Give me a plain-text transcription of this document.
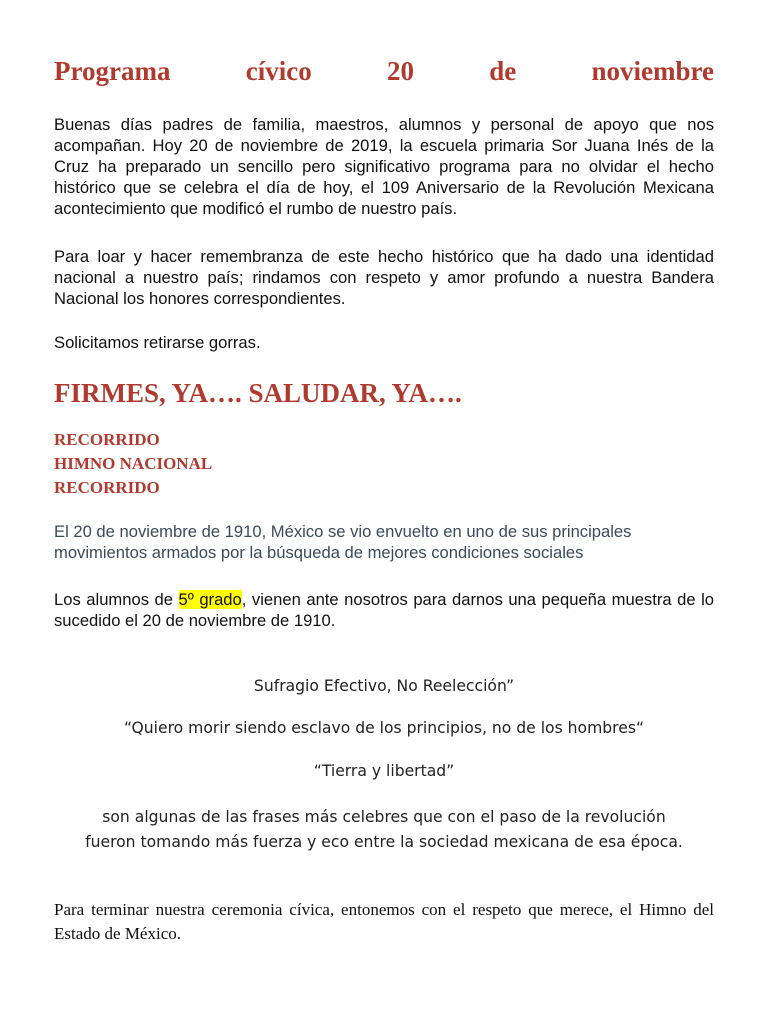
Programa	cívico	20	de	noviembre

Buenas días padres de familia, maestros, alumnos y personal de apoyo que nos acompañan. Hoy 20 de noviembre de 2019, la escuela primaria Sor Juana Inés de la Cruz ha preparado un sencillo pero significativo programa para no olvidar el hecho histórico que se celebra el día de hoy, el 109 Aniversario de la Revolución Mexicana acontecimiento que modificó el rumbo de nuestro país.

Para loar y hacer remembranza de este hecho histórico que ha dado una identidad nacional a nuestro país; rindamos con respeto y amor profundo a nuestra Bandera Nacional los honores correspondientes.

Solicitamos retirarse gorras.

FIRMES, YA…. SALUDAR, YA….

RECORRIDO
HIMNO NACIONAL
RECORRIDO

El 20 de noviembre de 1910, México se vio envuelto en uno de sus principales movimientos armados por la búsqueda de mejores condiciones sociales

Los alumnos de 5º grado, vienen ante nosotros para darnos una pequeña muestra de lo sucedido el 20 de noviembre de 1910.

Sufragio Efectivo, No Reelección”

“Quiero morir siendo esclavo de los principios, no de los hombres“

“Tierra y libertad”

son algunas de las frases más celebres que con el paso de la revolución
fueron tomando más fuerza y eco entre la sociedad mexicana de esa época.

Para terminar nuestra ceremonia cívica, entonemos con el respeto que merece, el Himno del Estado de México.
